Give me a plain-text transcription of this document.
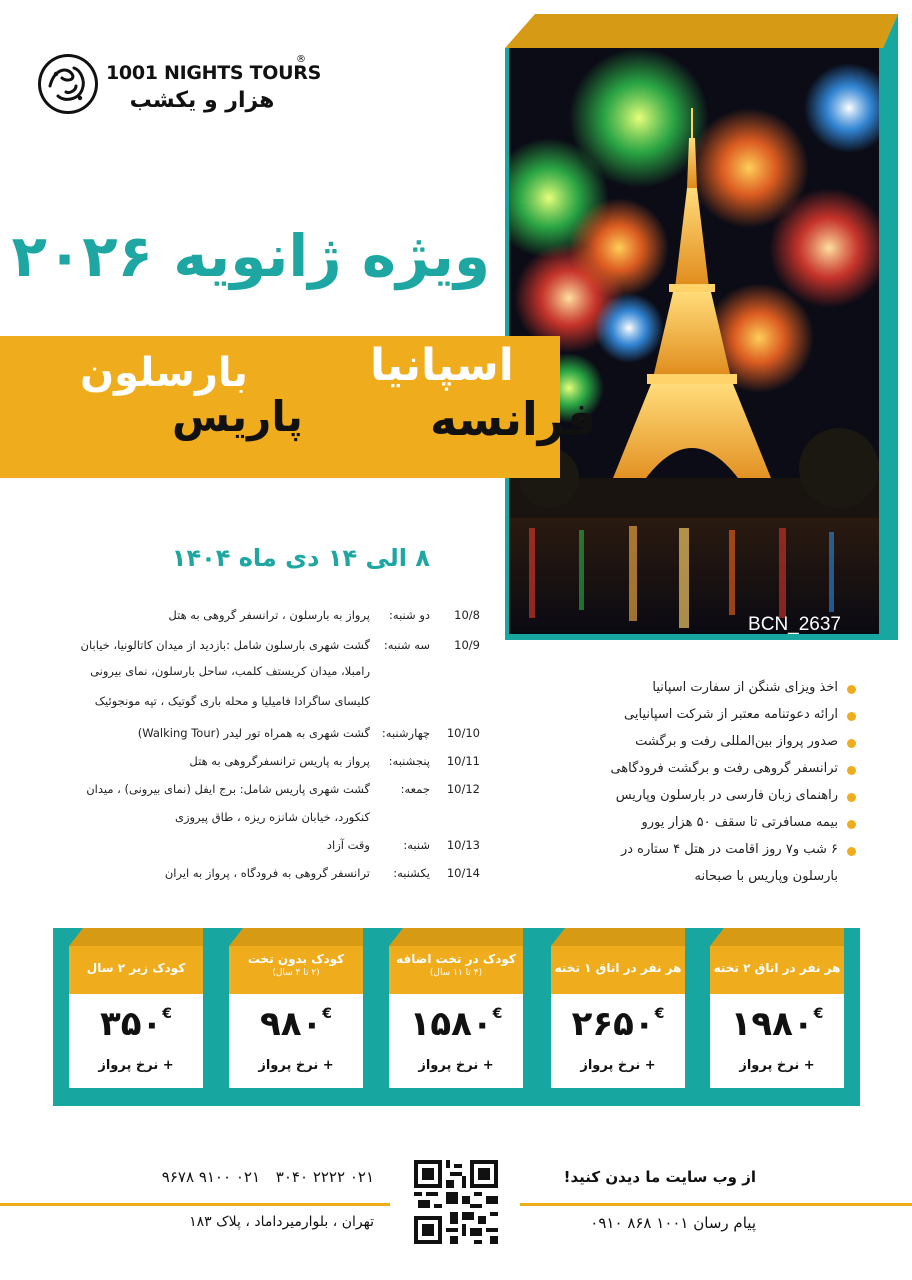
1001 NIGHTS TOURS
®
هزار و یکشب
ویژه ژانویه ۲۰۲۶
BCN_2637
اسپانیا
بارسلون
فرانسه
پاریس
۸ الی ۱۴ دی ماه ۱۴۰۴
10/8
دو شنبه:
پرواز به بارسلون ، ترانسفر گروهی به هتل
10/9
سه شنبه:
گشت شهری بارسلون شامل :بازدید از میدان کاتالونیا، خیابان
رامبلا، میدان کریستف کلمب، ساحل بارسلون، نمای بیرونی
کلیسای ساگرادا فامیلیا و محله باری گوتیک ، تپه مونجوئیک
10/10
چهارشنبه:
گشت شهری به همراه تور لیدر (Walking Tour)
10/11
پنجشنبه:
پرواز به پاریس ترانسفرگروهی به هتل
10/12
جمعه:
گشت شهری پاریس شامل: برج ایفل (نمای بیرونی) ، میدان
کنکورد، خیابان شانزه ریزه ، طاق پیروزی
10/13
شنبه:
وقت آزاد
10/14
یکشنبه:
ترانسفر گروهی به فرودگاه ، پرواز به ایران
اخذ ویزای شنگن از سفارت اسپانیا
ارائه دعوتنامه معتبر از شرکت اسپانیایی
صدور پرواز بین‌المللی رفت و برگشت
ترانسفر گروهی رفت و برگشت فرودگاهی
راهنمای زبان فارسی در بارسلون وپاریس
بیمه مسافرتی تا سقف ۵۰ هزار یورو
۶ شب و۷ روز اقامت در هتل ۴ ستاره در
بارسلون وپاریس با صبحانه
کودک زیر ۲ سال
۳۵۰€
+ نرخ پرواز
کودک بدون تخت
(۲ تا ۴ سال)
۹۸۰€
+ نرخ پرواز
کودک در تخت اضافه
(۴ تا ۱۱ سال)
۱۵۸۰€
+ نرخ پرواز
هر نفر در اتاق ۱ تخته
۲۶۵۰€
+ نرخ پرواز
هر نفر در اتاق ۲ تخته
۱۹۸۰€
+ نرخ پرواز
از وب سایت ما دیدن کنید!
پیام رسان ۱۰۰۱ ۸۶۸ ۰۹۱۰
۰۲۱ ۲۲۲۲ ۳۰۴۰
۰۲۱ ۹۱۰۰ ۹۶۷۸
تهران ، بلوارمیرداماد ، پلاک ۱۸۳
